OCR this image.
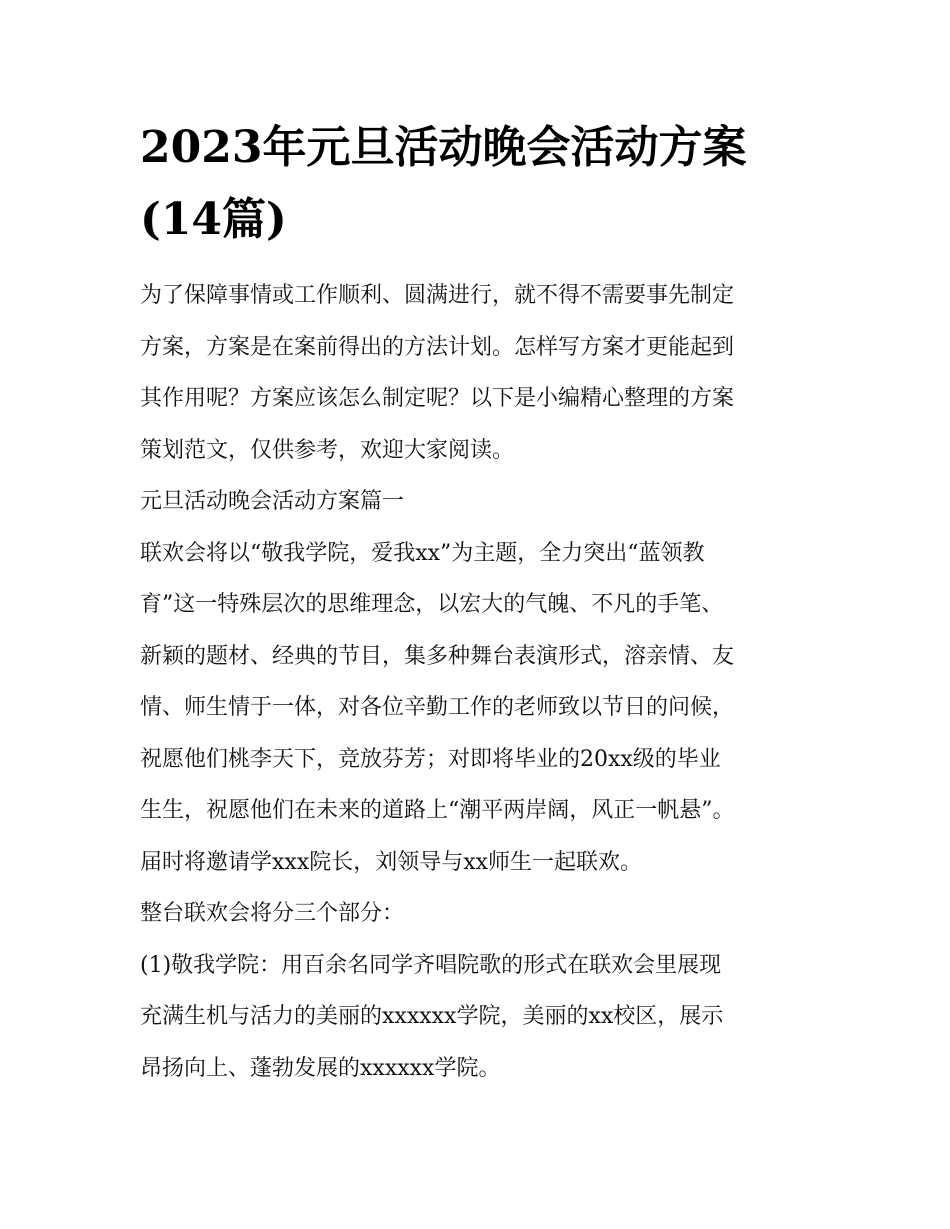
2023年元旦活动晚会活动方案
(14篇)
为了保障事情或工作顺利、圆满进行，就不得不需要事先制定
方案，方案是在案前得出的方法计划。怎样写方案才更能起到
其作用呢？方案应该怎么制定呢？以下是小编精心整理的方案
策划范文，仅供参考，欢迎大家阅读。
元旦活动晚会活动方案篇一
联欢会将以“敬我学院，爱我xx”为主题，全力突出“蓝领教
育”这一特殊层次的思维理念，以宏大的气魄、不凡的手笔、
新颖的题材、经典的节目，集多种舞台表演形式，溶亲情、友
情、师生情于一体，对各位辛勤工作的老师致以节日的问候，
祝愿他们桃李天下，竞放芬芳；对即将毕业的20xx级的毕业
生生，祝愿他们在未来的道路上“潮平两岸阔，风正一帆悬”。
届时将邀请学xxx院长，刘领导与xx师生一起联欢。
整台联欢会将分三个部分：
(1)敬我学院：用百余名同学齐唱院歌的形式在联欢会里展现
充满生机与活力的美丽的xxxxxx学院，美丽的xx校区，展示
昂扬向上、蓬勃发展的xxxxxx学院。
